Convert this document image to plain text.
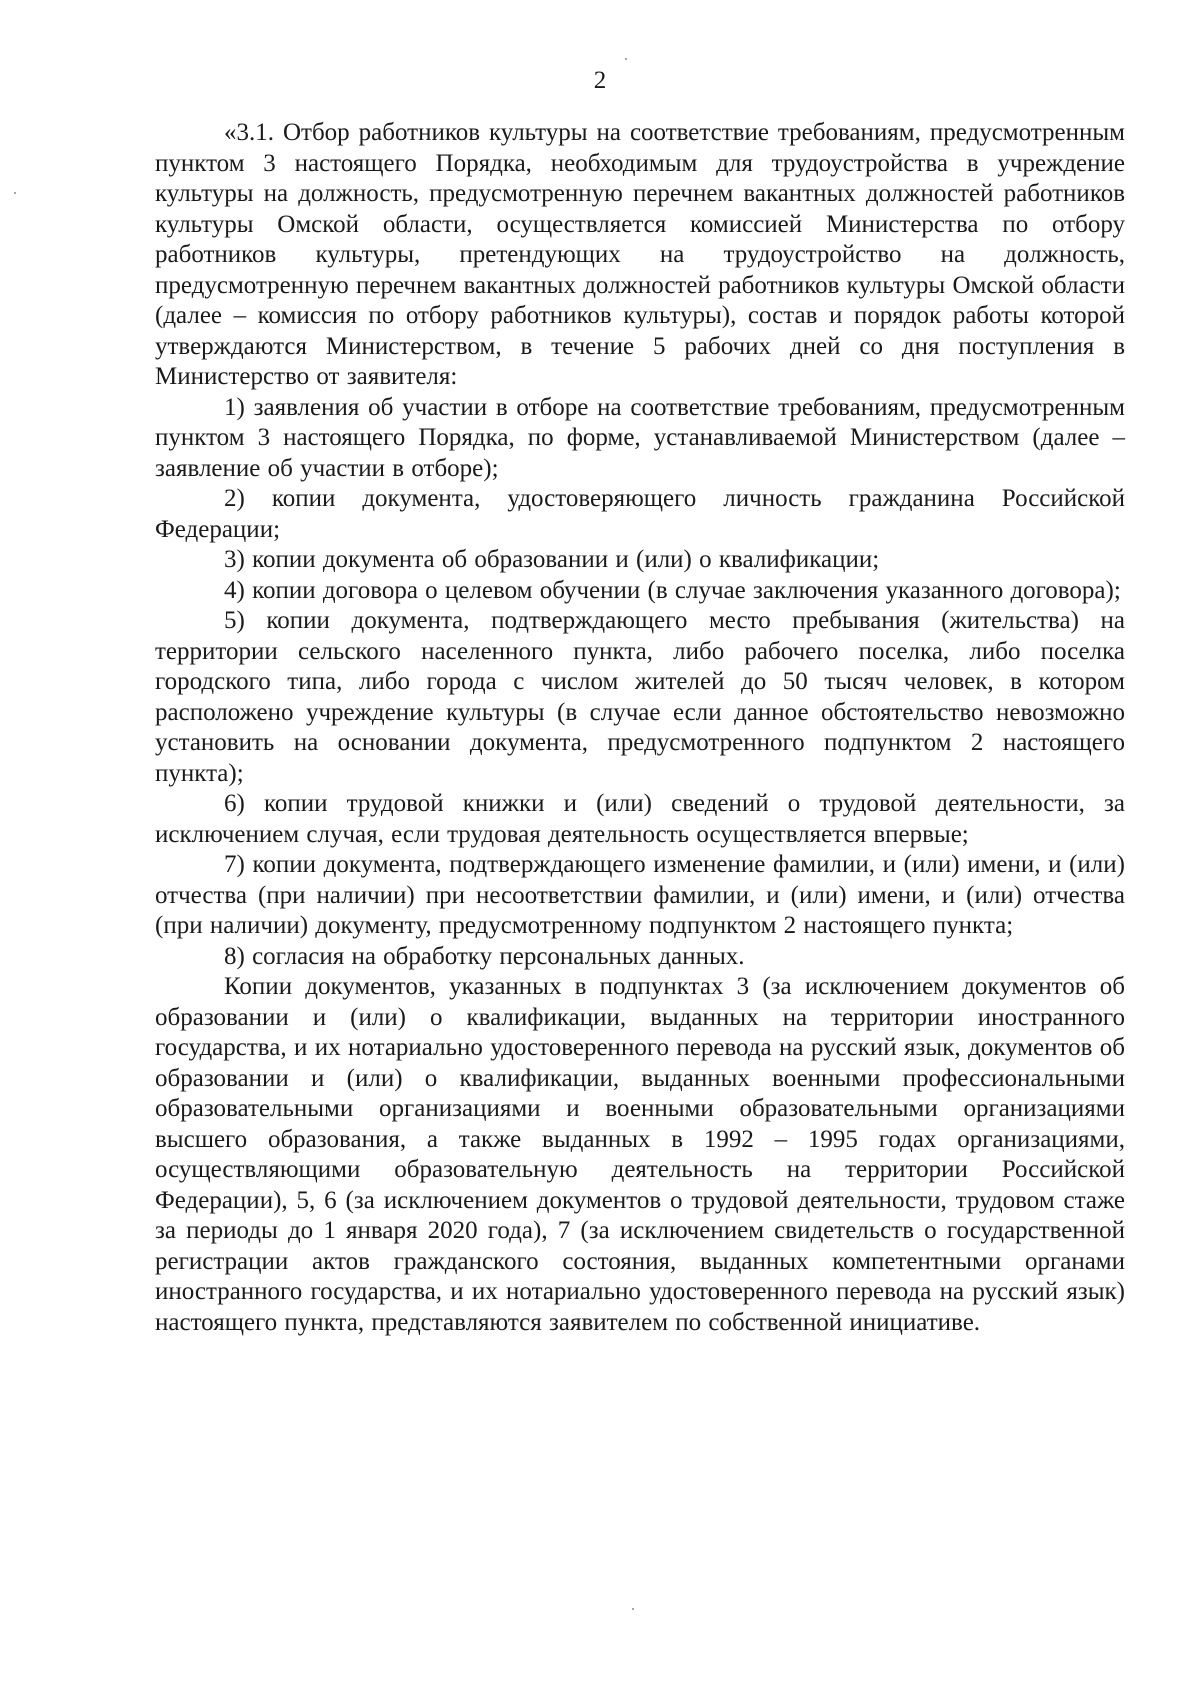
2

«3.1. Отбор работников культуры на соответствие требованиям, предусмотренным пунктом 3 настоящего Порядка, необходимым для трудоустройства в учреждение культуры на должность, предусмотренную перечнем вакантных должностей работников культуры Омской области, осуществляется комиссией Министерства по отбору работников культуры, претендующих на трудоустройство на должность, предусмотренную перечнем вакантных должностей работников культуры Омской области (далее – комиссия по отбору работников культуры), состав и порядок работы которой утверждаются Министерством, в течение 5 рабочих дней со дня поступления в Министерство от заявителя:

1) заявления об участии в отборе на соответствие требованиям, предусмотренным пунктом 3 настоящего Порядка, по форме, устанавливаемой Министерством (далее – заявление об участии в отборе);

2) копии документа, удостоверяющего личность гражданина Российской Федерации;

3) копии документа об образовании и (или) о квалификации;

4) копии договора о целевом обучении (в случае заключения указанного договора);

5) копии документа, подтверждающего место пребывания (жительства) на территории сельского населенного пункта, либо рабочего поселка, либо поселка городского типа, либо города с числом жителей до 50 тысяч человек, в котором расположено учреждение культуры (в случае если данное обстоятельство невозможно установить на основании документа, предусмотренного подпунктом 2 настоящего пункта);

6) копии трудовой книжки и (или) сведений о трудовой деятельности, за исключением случая, если трудовая деятельность осуществляется впервые;

7) копии документа, подтверждающего изменение фамилии, и (или) имени, и (или) отчества (при наличии) при несоответствии фамилии, и (или) имени, и (или) отчества (при наличии) документу, предусмотренному подпунктом 2 настоящего пункта;

8) согласия на обработку персональных данных.

Копии документов, указанных в подпунктах 3 (за исключением документов об образовании и (или) о квалификации, выданных на территории иностранного государства, и их нотариально удостоверенного перевода на русский язык, документов об образовании и (или) о квалификации, выданных военными профессиональными образовательными организациями и военными образовательными организациями высшего образования, а также выданных в 1992 – 1995 годах организациями, осуществляющими образовательную деятельность на территории Российской Федерации), 5, 6 (за исключением документов о трудовой деятельности, трудовом стаже за периоды до 1 января 2020 года), 7 (за исключением свидетельств о государственной регистрации актов гражданского состояния, выданных компетентными органами иностранного государства, и их нотариально удостоверенного перевода на русский язык) настоящего пункта, представляются заявителем по собственной инициативе.
